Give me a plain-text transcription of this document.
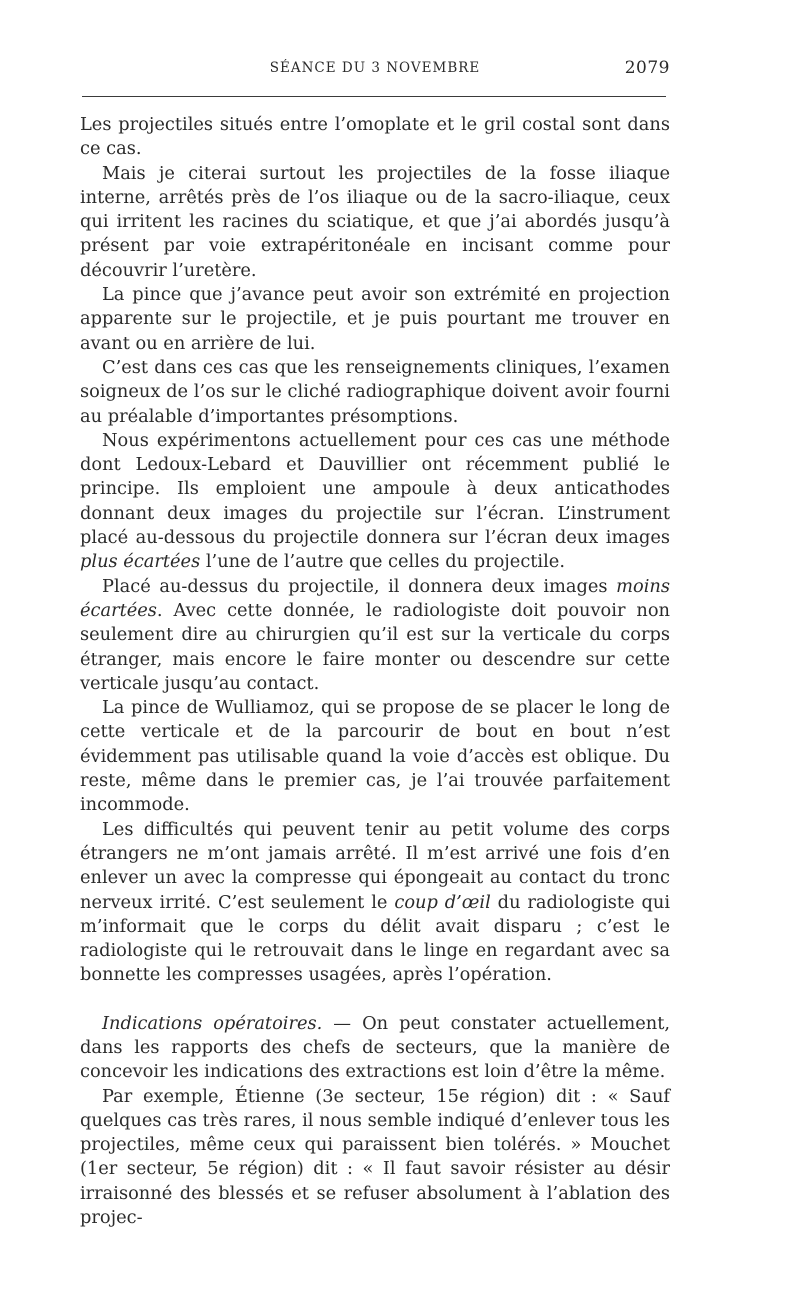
SÉANCE DU 3 NOVEMBRE	2079

Les projectiles situés entre l’omoplate et le gril costal sont dans ce cas.

Mais je citerai surtout les projectiles de la fosse iliaque interne, arrêtés près de l’os iliaque ou de la sacro-iliaque, ceux qui irritent les racines du sciatique, et que j’ai abordés jusqu’à présent par voie extrapéritonéale en incisant comme pour découvrir l’uretère.

La pince que j’avance peut avoir son extrémité en projection apparente sur le projectile, et je puis pourtant me trouver en avant ou en arrière de lui.

C’est dans ces cas que les renseignements cliniques, l’examen soigneux de l’os sur le cliché radiographique doivent avoir fourni au préalable d’importantes présomptions.

Nous expérimentons actuellement pour ces cas une méthode dont Ledoux-Lebard et Dauvillier ont récemment publié le principe. Ils emploient une ampoule à deux anticathodes donnant deux images du projectile sur l’écran. L’instrument placé au-dessous du projectile donnera sur l’écran deux images plus écartées l’une de l’autre que celles du projectile.

Placé au-dessus du projectile, il donnera deux images moins écartées. Avec cette donnée, le radiologiste doit pouvoir non seulement dire au chirurgien qu’il est sur la verticale du corps étranger, mais encore le faire monter ou descendre sur cette verticale jusqu’au contact.

La pince de Wulliamoz, qui se propose de se placer le long de cette verticale et de la parcourir de bout en bout n’est évidemment pas utilisable quand la voie d’accès est oblique. Du reste, même dans le premier cas, je l’ai trouvée parfaitement incommode.

Les difficultés qui peuvent tenir au petit volume des corps étrangers ne m’ont jamais arrêté. Il m’est arrivé une fois d’en enlever un avec la compresse qui épongeait au contact du tronc nerveux irrité. C’est seulement le coup d’œil du radiologiste qui m’informait que le corps du délit avait disparu ; c’est le radiologiste qui le retrouvait dans le linge en regardant avec sa bonnette les compresses usagées, après l’opération.

Indications opératoires. — On peut constater actuellement, dans les rapports des chefs de secteurs, que la manière de concevoir les indications des extractions est loin d’être la même.

Par exemple, Étienne (3e secteur, 15e région) dit : « Sauf quelques cas très rares, il nous semble indiqué d’enlever tous les projectiles, même ceux qui paraissent bien tolérés. » Mouchet (1er secteur, 5e région) dit : « Il faut savoir résister au désir irraisonné des blessés et se refuser absolument à l’ablation des projec-
